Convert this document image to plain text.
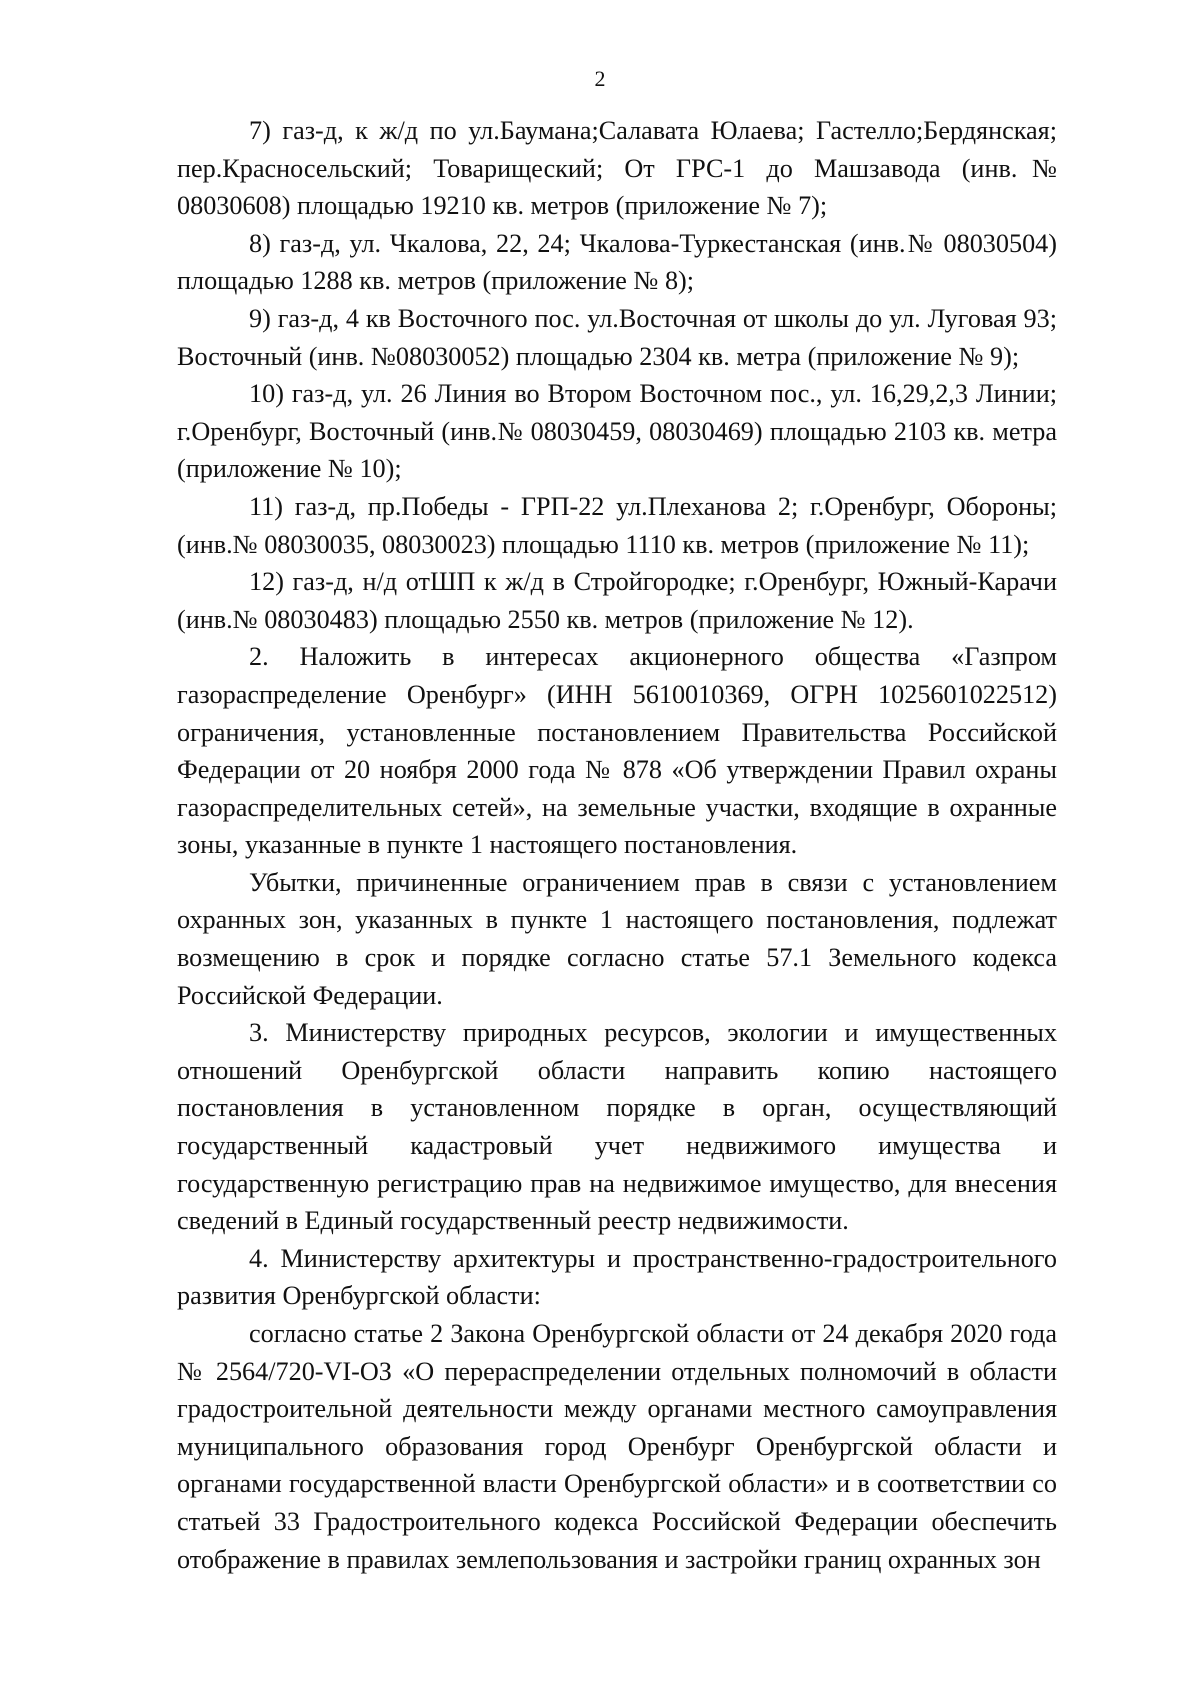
2

7) газ-д, к ж/д по ул.Баумана;Салавата Юлаева; Гастелло;Бердянская; пер.Красносельский; Товарищеский; От ГРС-1 до Машзавода (инв.№ 08030608) площадью 19210 кв. метров (приложение № 7);

8) газ-д, ул. Чкалова, 22, 24; Чкалова-Туркестанская (инв.№ 08030504) площадью 1288 кв. метров (приложение № 8);

9) газ-д, 4 кв Восточного пос. ул.Восточная от школы до ул. Луговая 93; Восточный (инв. №08030052) площадью 2304 кв. метра (приложение № 9);

10) газ-д, ул. 26 Линия во Втором Восточном пос., ул. 16,29,2,3 Линии; г.Оренбург, Восточный (инв.№ 08030459, 08030469) площадью 2103 кв. метра (приложение № 10);

11) газ-д, пр.Победы - ГРП-22 ул.Плеханова 2; г.Оренбург, Обороны; (инв.№ 08030035, 08030023) площадью 1110 кв. метров (приложение № 11);

12) газ-д, н/д отШП к ж/д в Стройгородке; г.Оренбург, Южный-Карачи (инв.№ 08030483) площадью 2550 кв. метров (приложение № 12).

2. Наложить в интересах акционерного общества «Газпром газораспределение Оренбург» (ИНН 5610010369, ОГРН 1025601022512) ограничения, установленные постановлением Правительства Российской Федерации от 20 ноября 2000 года № 878 «Об утверждении Правил охраны газораспределительных сетей», на земельные участки, входящие в охранные зоны, указанные в пункте 1 настоящего постановления.

Убытки, причиненные ограничением прав в связи с установлением охранных зон, указанных в пункте 1 настоящего постановления, подлежат возмещению в срок и порядке согласно статье 57.1 Земельного кодекса Российской Федерации.

3. Министерству природных ресурсов, экологии и имущественных отношений Оренбургской области направить копию настоящего постановления в установленном порядке в орган, осуществляющий государственный кадастровый учет недвижимого имущества и государственную регистрацию прав на недвижимое имущество, для внесения сведений в Единый государственный реестр недвижимости.

4. Министерству архитектуры и пространственно-градостроительного развития Оренбургской области:

согласно статье 2 Закона Оренбургской области от 24 декабря 2020 года № 2564/720-VI-ОЗ «О перераспределении отдельных полномочий в области градостроительной деятельности между органами местного самоуправления муниципального образования город Оренбург Оренбургской области и органами государственной власти Оренбургской области» и в соответствии со статьей 33 Градостроительного кодекса Российской Федерации обеспечить отображение в правилах землепользования и застройки границ охранных зон
